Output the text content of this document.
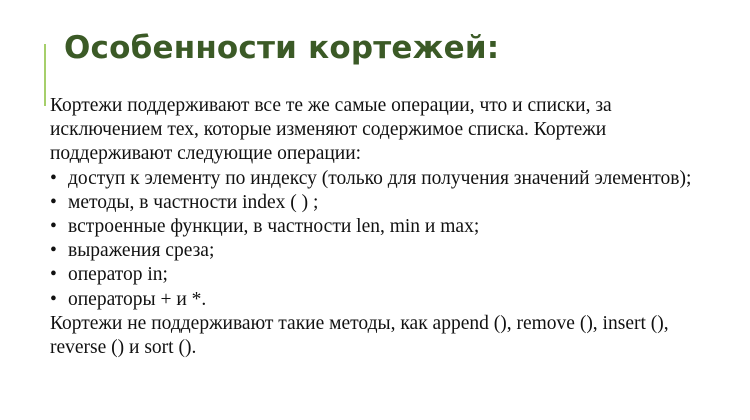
Особенности кортежей:
Кортежи поддерживают все те же самые операции, что и списки, за
исключением тех, которые изменяют содержимое списка. Кортежи
поддерживают следующие операции:
• доступ к элементу по индексу (только для получения значений элементов);
• методы, в частности index ( ) ;
• встроенные функции, в частности len, min и max;
• выражения среза;
• оператор in;
• операторы + и *.
Кортежи не поддерживают такие методы, как append (), remove (), insert (),
reverse () и sort ().
